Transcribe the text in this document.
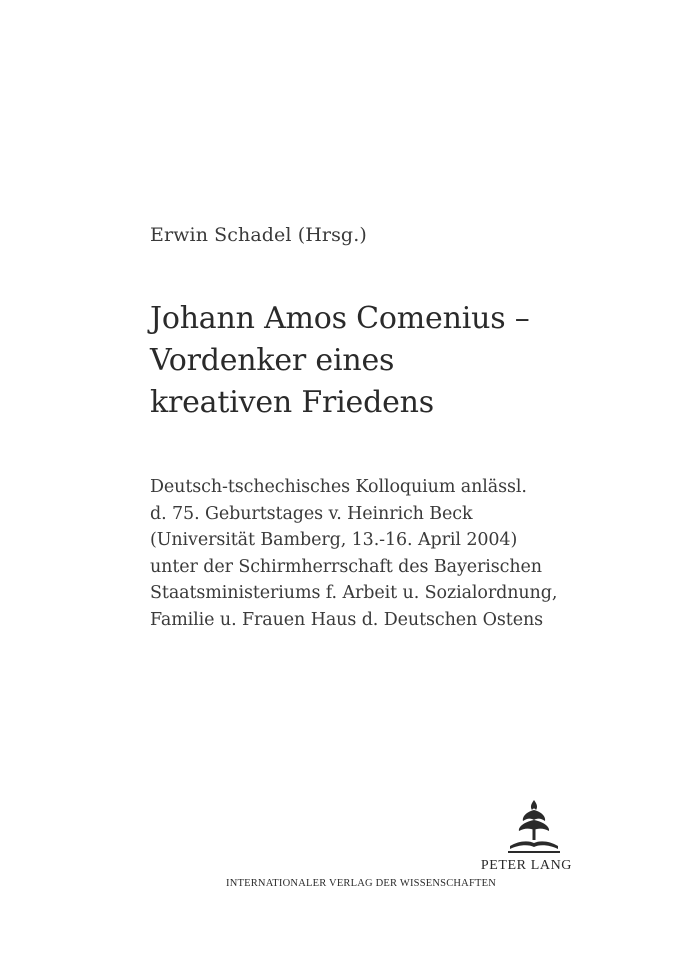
Erwin Schadel (Hrsg.)
Johann Amos Comenius –
Vordenker eines
kreativen Friedens
Deutsch-tschechisches Kolloquium anlässl.
d. 75. Geburtstages v. Heinrich Beck
(Universität Bamberg, 13.-16. April 2004)
unter der Schirmherrschaft des Bayerischen
Staatsministeriums f. Arbeit u. Sozialordnung,
Familie u. Frauen Haus d. Deutschen Ostens
PETER LANG
INTERNATIONALER VERLAG DER WISSENSCHAFTEN
